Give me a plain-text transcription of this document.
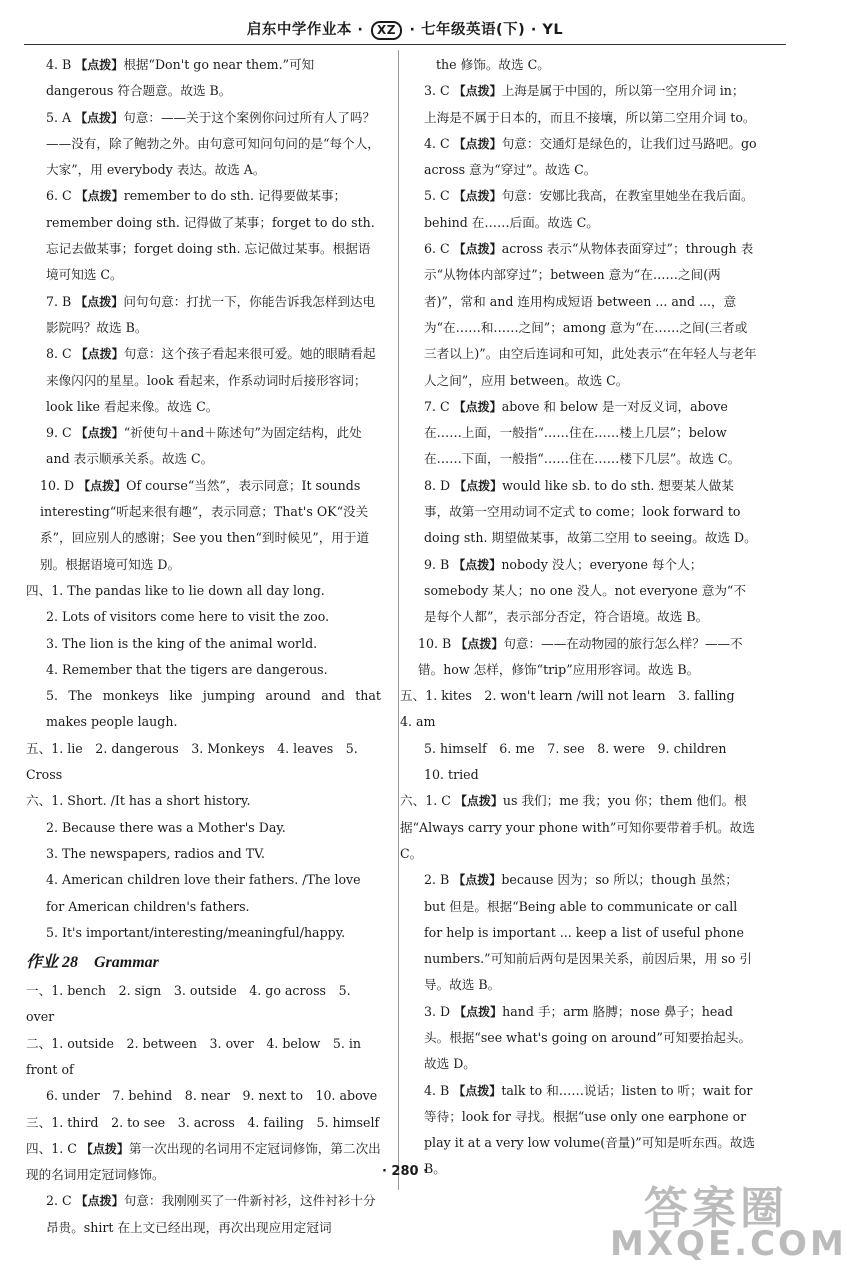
启东中学作业本 · XZ · 七年级英语(下) · YL
4. B 【点拨】根据“Don't go near them.”可知 dangerous 符合题意。故选 B。
5. A 【点拨】句意：——关于这个案例你问过所有人了吗？——没有，除了鲍勃之外。由句意可知问句问的是“每个人，大家”，用 everybody 表达。故选 A。
6. C 【点拨】remember to do sth. 记得要做某事；remember doing sth. 记得做了某事；forget to do sth. 忘记去做某事；forget doing sth. 忘记做过某事。根据语境可知选 C。
7. B 【点拨】问句句意：打扰一下，你能告诉我怎样到达电影院吗？故选 B。
8. C 【点拨】句意：这个孩子看起来很可爱。她的眼睛看起来像闪闪的星星。look 看起来，作系动词时后接形容词；look like 看起来像。故选 C。
9. C 【点拨】“祈使句＋and＋陈述句”为固定结构，此处 and 表示顺承关系。故选 C。
10. D 【点拨】Of course“当然”，表示同意；It sounds interesting“听起来很有趣”，表示同意；That's OK“没关系”，回应别人的感谢；See you then“到时候见”，用于道别。根据语境可知选 D。
四、1. The pandas like to lie down all day long.
2. Lots of visitors come here to visit the zoo.
3. The lion is the king of the animal world.
4. Remember that the tigers are dangerous.
5. The monkeys like jumping around and that makes people laugh.
五、1. lie　2. dangerous　3. Monkeys　4. leaves　5. Cross
六、1. Short. /It has a short history.
2. Because there was a Mother's Day.
3. The newspapers, radios and TV.
4. American children love their fathers. /The love for American children's fathers.
5. It's important/interesting/meaningful/happy.
作业 28　Grammar
一、1. bench　2. sign　3. outside　4. go across　5. over
二、1. outside　2. between　3. over　4. below　5. in front of
6. under　7. behind　8. near　9. next to　10. above
三、1. third　2. to see　3. across　4. failing　5. himself
四、1. C 【点拨】第一次出现的名词用不定冠词修饰，第二次出现的名词用定冠词修饰。
2. C 【点拨】句意：我刚刚买了一件新衬衫，这件衬衫十分昂贵。shirt 在上文已经出现，再次出现应用定冠词
the 修饰。故选 C。
3. C 【点拨】上海是属于中国的，所以第一空用介词 in；上海是不属于日本的，而且不接壤，所以第二空用介词 to。
4. C 【点拨】句意：交通灯是绿色的，让我们过马路吧。go across 意为“穿过”。故选 C。
5. C 【点拨】句意：安娜比我高，在教室里她坐在我后面。behind 在……后面。故选 C。
6. C 【点拨】across 表示“从物体表面穿过”；through 表示“从物体内部穿过”；between 意为“在……之间(两者)”，常和 and 连用构成短语 between ... and ...，意为“在……和……之间”；among 意为“在……之间(三者或三者以上)”。由空后连词和可知，此处表示“在年轻人与老年人之间”，应用 between。故选 C。
7. C 【点拨】above 和 below 是一对反义词，above 在……上面，一般指“……住在……楼上几层”；below 在……下面，一般指“……住在……楼下几层”。故选 C。
8. D 【点拨】would like sb. to do sth. 想要某人做某事，故第一空用动词不定式 to come；look forward to doing sth. 期望做某事，故第二空用 to seeing。故选 D。
9. B 【点拨】nobody 没人；everyone 每个人；somebody 某人；no one 没人。not everyone 意为“不是每个人都”，表示部分否定，符合语境。故选 B。
10. B 【点拨】句意：——在动物园的旅行怎么样？——不错。how 怎样，修饰“trip”应用形容词。故选 B。
五、1. kites　2. won't learn /will not learn　3. falling　4. am
5. himself　6. me　7. see　8. were　9. children　10. tried
六、1. C 【点拨】us 我们；me 我；you 你；them 他们。根据“Always carry your phone with”可知你要带着手机。故选 C。
2. B 【点拨】because 因为；so 所以；though 虽然；but 但是。根据“Being able to communicate or call for help is important ... keep a list of useful phone numbers.”可知前后两句是因果关系，前因后果，用 so 引导。故选 B。
3. D 【点拨】hand 手；arm 胳膊；nose 鼻子；head 头。根据“see what's going on around”可知要抬起头。故选 D。
4. B 【点拨】talk to 和……说话；listen to 听；wait for 等待；look for 寻找。根据“use only one earphone or play it at a very low volume(音量)”可知是听东西。故选 B。
· 280 ·
答案圈
MXQE.COM
